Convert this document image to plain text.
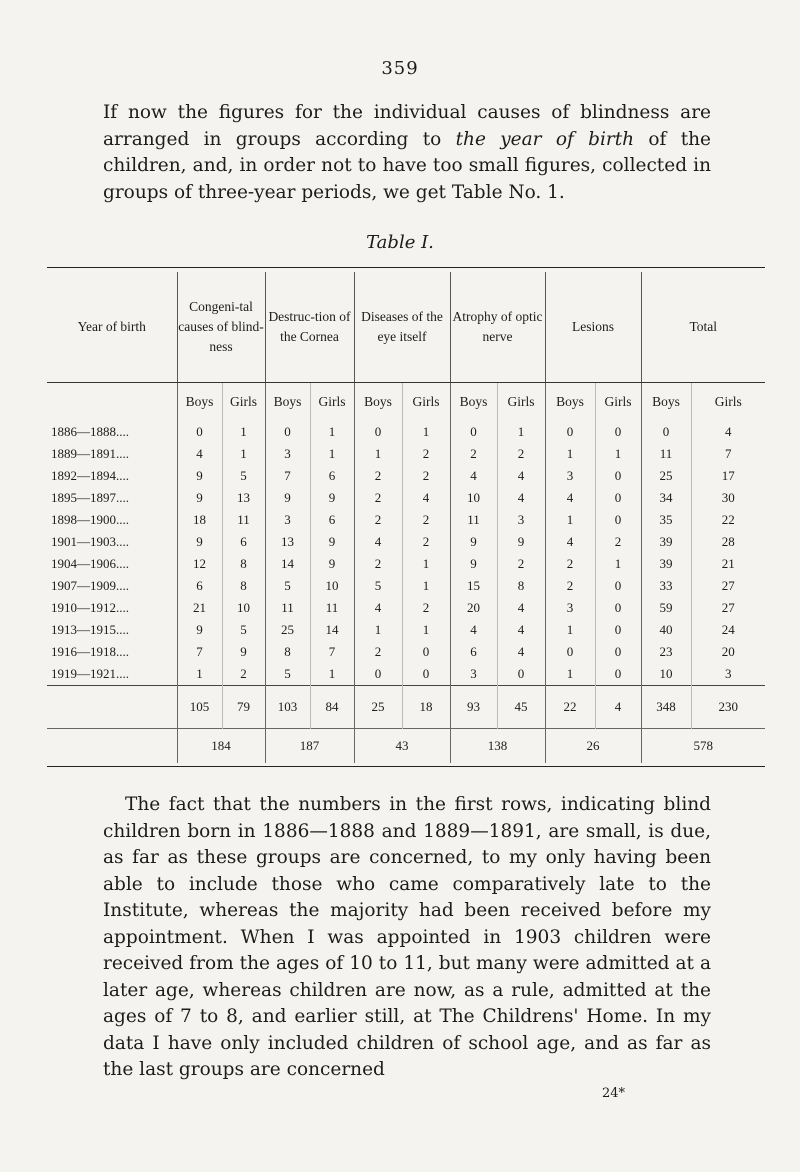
359

If now the figures for the individual causes of blindness are arranged in groups according to the year of birth of the children, and, in order not to have too small figures, collected in groups of three-year periods, we get Table No. 1.

Table I.
Year of birth	Congeni-tal causes of blind-ness		Destruc-tion of the Cornea		Diseases of the eye itself		Atrophy of optic nerve		Lesions		Total	
	Boys	Girls	Boys	Girls	Boys	Girls	Boys	Girls	Boys	Girls	Boys	Girls
1886—1888....	0	1	0	1	0	1	0	1	0	0	0	4
1889—1891....	4	1	3	1	1	2	2	2	1	1	11	7
1892—1894....	9	5	7	6	2	2	4	4	3	0	25	17
1895—1897....	9	13	9	9	2	4	10	4	4	0	34	30
1898—1900....	18	11	3	6	2	2	11	3	1	0	35	22
1901—1903....	9	6	13	9	4	2	9	9	4	2	39	28
1904—1906....	12	8	14	9	2	1	9	2	2	1	39	21
1907—1909....	6	8	5	10	5	1	15	8	2	0	33	27
1910—1912....	21	10	11	11	4	2	20	4	3	0	59	27
1913—1915....	9	5	25	14	1	1	4	4	1	0	40	24
1916—1918....	7	9	8	7	2	0	6	4	0	0	23	20
1919—1921....	1	2	5	1	0	0	3	0	1	0	10	3
	105	79	103	84	25	18	93	45	22	4	348	230
	184		187		43		138		26		578	

The fact that the numbers in the first rows, indicating blind children born in 1886—1888 and 1889—1891, are small, is due, as far as these groups are concerned, to my only having been able to include those who came comparatively late to the Institute, whereas the majority had been received before my appointment. When I was appointed in 1903 children were received from the ages of 10 to 11, but many were admitted at a later age, whereas children are now, as a rule, admitted at the ages of 7 to 8, and earlier still, at The Childrens' Home. In my data I have only included children of school age, and as far as the last groups are concerned

24*
